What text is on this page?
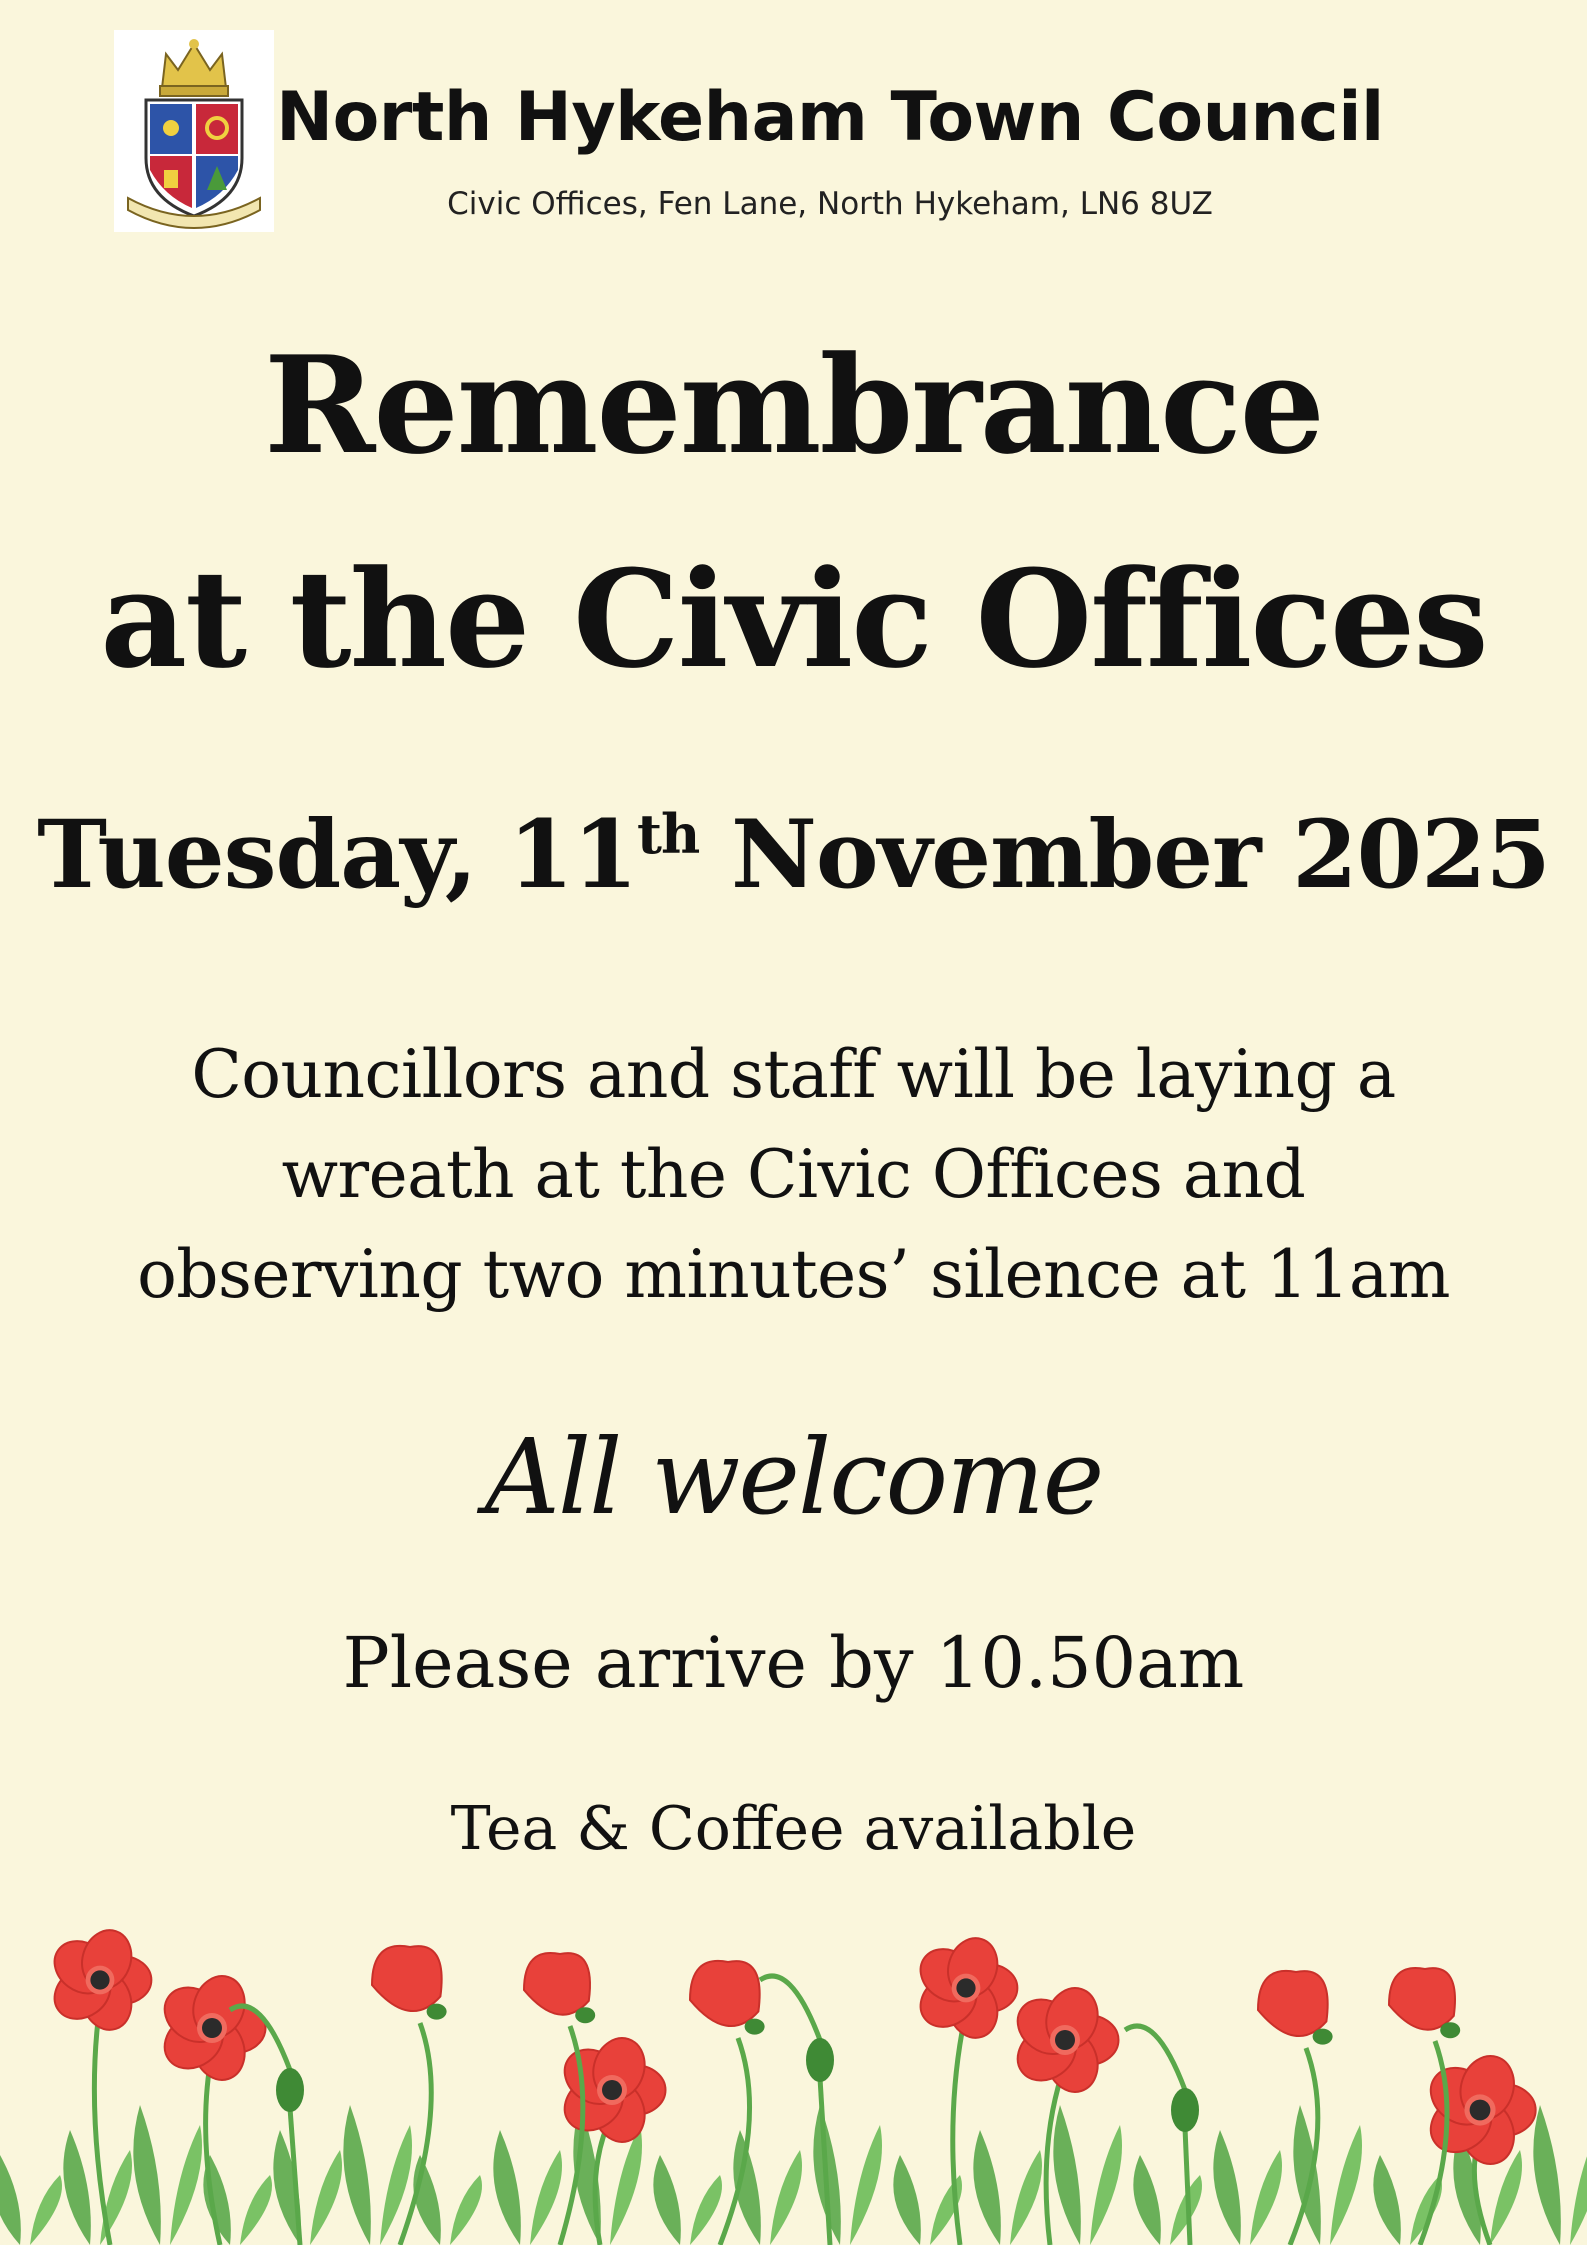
North Hykeham Town Council
Civic Offices, Fen Lane, North Hykeham, LN6 8UZ
Remembrance
at the Civic Offices
Tuesday, 11th November 2025
Councillors and staff will be laying a
wreath at the Civic Offices and
observing two minutes’ silence at 11am
All welcome
Please arrive by 10.50am
Tea & Coffee available
